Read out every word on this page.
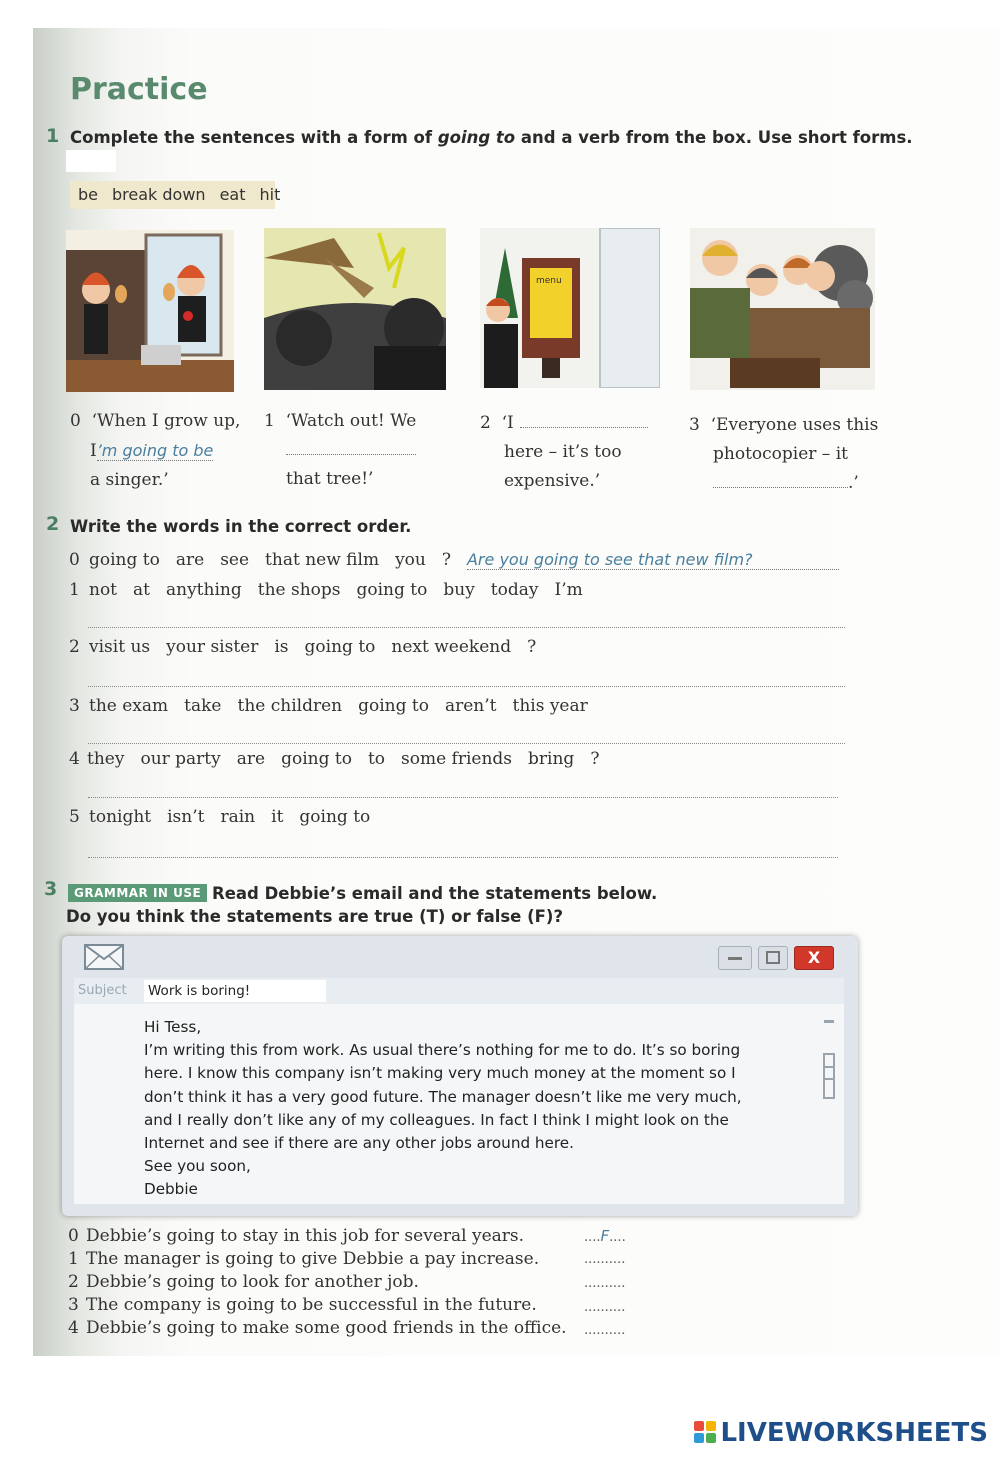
Practice
1 Complete the sentences with a form of going to and a verb from the box. Use short forms.
be break down eat hit
menu
0 ‘When I grow up,
I’m going to be
a singer.’
1 ‘Watch out! We
that tree!’
2 ‘I
here – it’s too
expensive.’
3 ‘Everyone uses this
photocopier – it
.’
2 Write the words in the correct order.
0 going to are see that new film you ? Are you going to see that new film?
1 not at anything the shops going to buy today I’m
2 visit us your sister is going to next weekend ?
3 the exam take the children going to aren’t this year
4 they our party are going to to some friends bring ?
5 tonight isn’t rain it going to
3	GRAMMAR IN USE Read Debbie’s email and the statements below.
Do you think the statements are true (T) or false (F)?
X
Subject Work is boring!

Hi Tess,

I’m writing this from work. As usual there’s nothing for me to do. It’s so boring

here. I know this company isn’t making very much money at the moment so I

don’t think it has a very good future. The manager doesn’t like me very much,

and I really don’t like any of my colleagues. In fact I think I might look on the

Internet and see if there are any other jobs around here.

See you soon,

Debbie

0 Debbie’s going to stay in this job for several years.	....F....
1 The manager is going to give Debbie a pay increase.	..........
2 Debbie’s going to look for another job.	..........
3 The company is going to be successful in the future.	..........
4 Debbie’s going to make some good friends in the office. ..........
LIVEWORKSHEETS
